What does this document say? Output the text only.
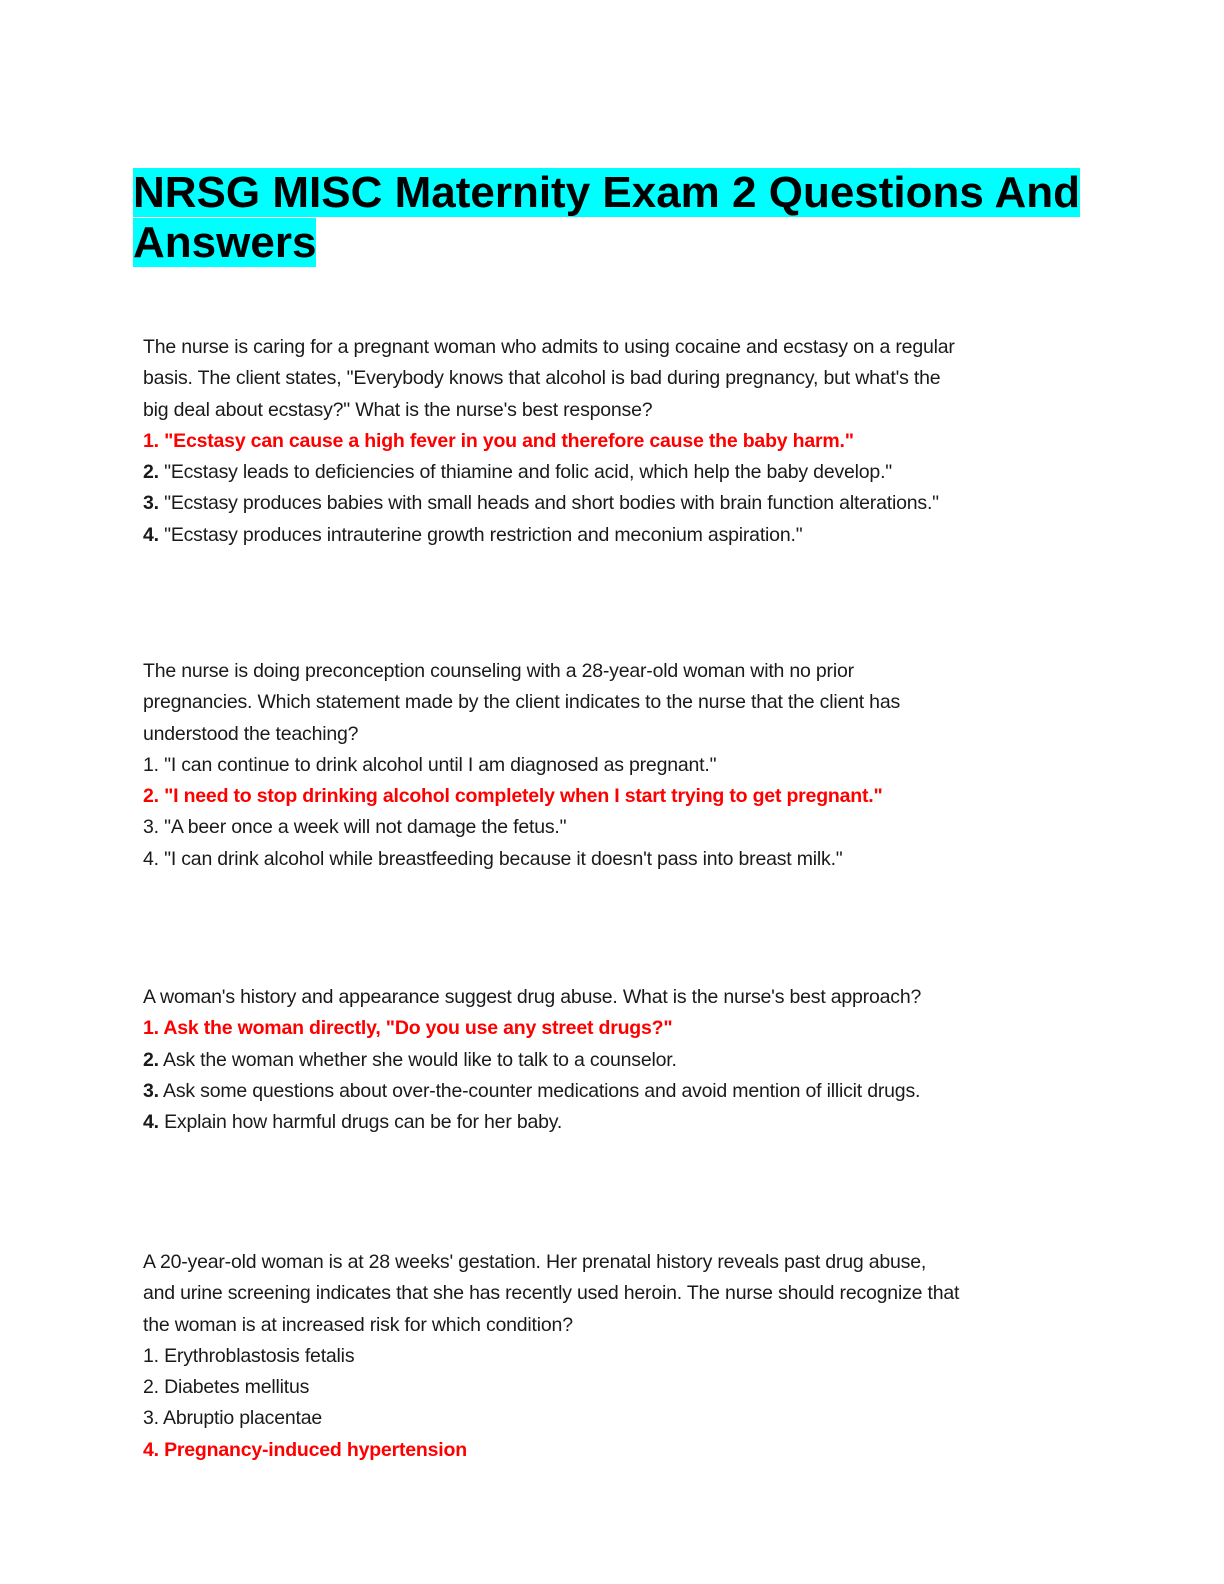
NRSG MISC Maternity Exam 2 Questions And
Answers
The nurse is caring for a pregnant woman who admits to using cocaine and ecstasy on a regular
basis. The client states, "Everybody knows that alcohol is bad during pregnancy, but what's the
big deal about ecstasy?" What is the nurse's best response?
1. "Ecstasy can cause a high fever in you and therefore cause the baby harm."
2. "Ecstasy leads to deficiencies of thiamine and folic acid, which help the baby develop."
3. "Ecstasy produces babies with small heads and short bodies with brain function alterations."
4. "Ecstasy produces intrauterine growth restriction and meconium aspiration."
The nurse is doing preconception counseling with a 28-year-old woman with no prior
pregnancies. Which statement made by the client indicates to the nurse that the client has
understood the teaching?
1. "I can continue to drink alcohol until I am diagnosed as pregnant."
2. "I need to stop drinking alcohol completely when I start trying to get pregnant."
3. "A beer once a week will not damage the fetus."
4. "I can drink alcohol while breastfeeding because it doesn't pass into breast milk."
A woman's history and appearance suggest drug abuse. What is the nurse's best approach?
1. Ask the woman directly, "Do you use any street drugs?"
2. Ask the woman whether she would like to talk to a counselor.
3. Ask some questions about over-the-counter medications and avoid mention of illicit drugs.
4. Explain how harmful drugs can be for her baby.
A 20-year-old woman is at 28 weeks' gestation. Her prenatal history reveals past drug abuse,
and urine screening indicates that she has recently used heroin. The nurse should recognize that
the woman is at increased risk for which condition?
1. Erythroblastosis fetalis
2. Diabetes mellitus
3. Abruptio placentae
4. Pregnancy-induced hypertension
